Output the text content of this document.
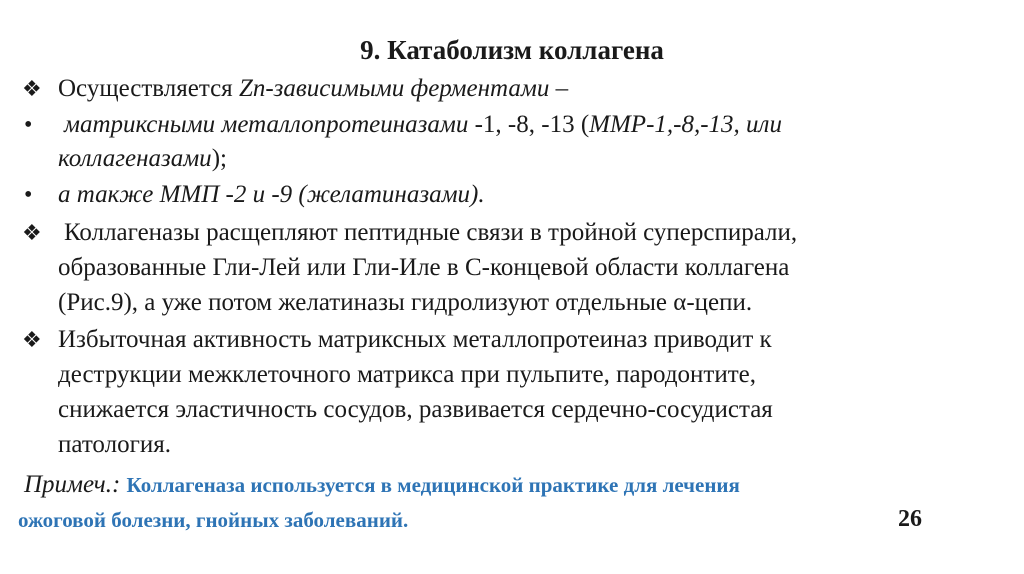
9. Катаболизм коллагена
❖ Осуществляется Zn-зависимыми ферментами –
• матриксными металлопротеиназами -1, -8, -13 (ММР-1,-8,-13, или
коллагеназами);
• а также ММП -2 и -9 (желатиназами).
❖ Коллагеназы расщепляют пептидные связи в тройной суперспирали,
образованные Гли-Лей или Гли-Иле в С-концевой области коллагена
(Рис.9), а уже потом желатиназы гидролизуют отдельные α-цепи.
❖ Избыточная активность матриксных металлопротеиназ приводит к
деструкции межклеточного матрикса при пульпите, пародонтите,
снижается эластичность сосудов, развивается сердечно-сосудистая
патология.
Примеч.: Коллагеназа используется в медицинской практике для лечения
ожоговой болезни, гнойных заболеваний.	26
